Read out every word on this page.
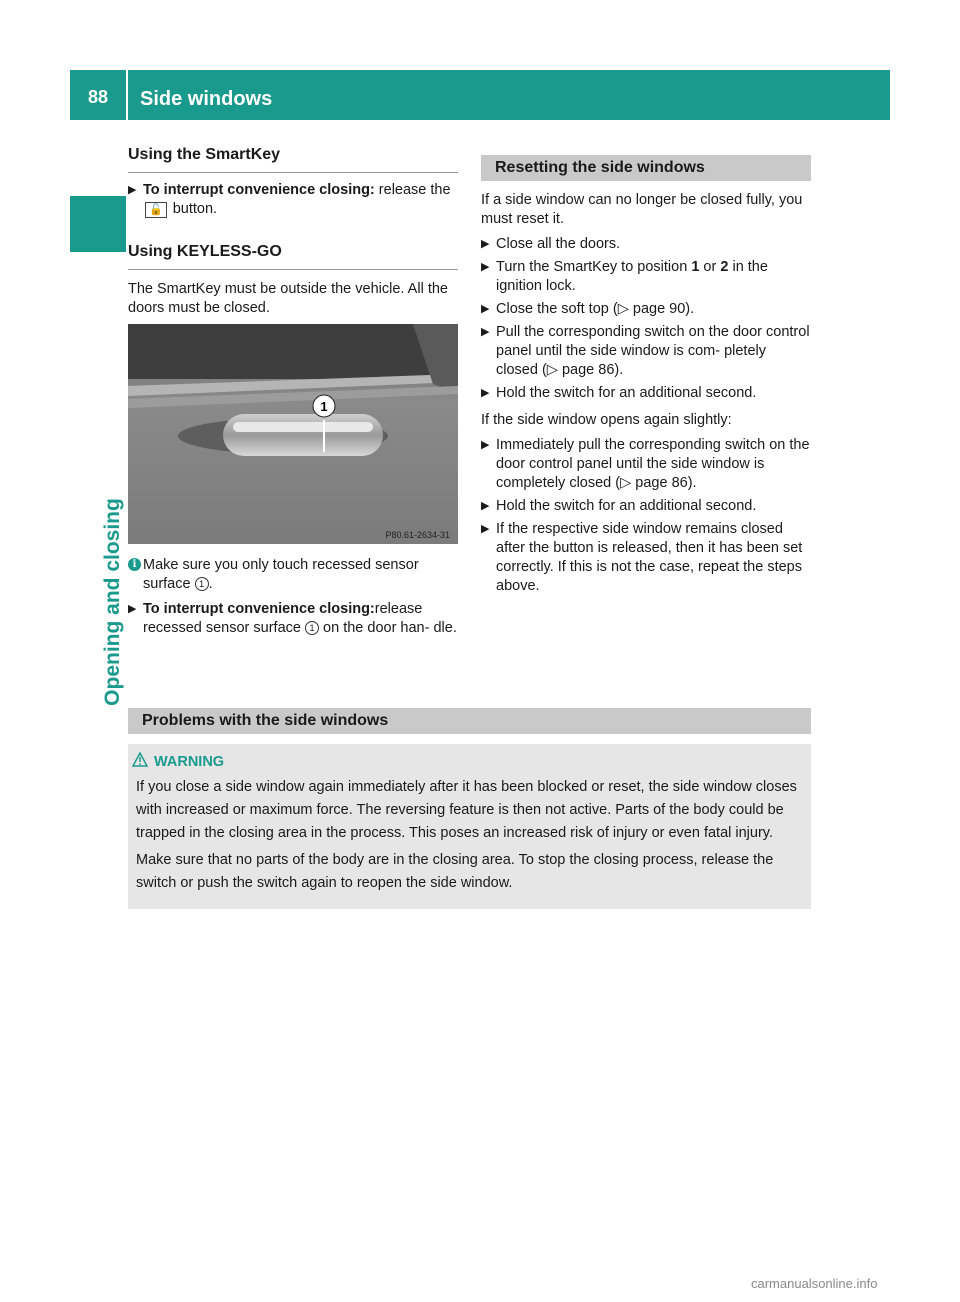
88	Side windows
Opening and closing
Using the SmartKey
▶ To interrupt convenience closing: release the 🔓 button.
Using KEYLESS-GO

The SmartKey must be outside the vehicle. All the doors must be closed.

1
P80.61-2634-31
i Make sure you only touch recessed sensor surface 1 .
▶ To interrupt convenience closing:release recessed sensor surface 1 on the door han- dle.
Resetting the side windows

If a side window can no longer be closed fully, you must reset it.

▶ Close all the doors.
▶ Turn the SmartKey to position 1 or 2 in the ignition lock.
▶ Close the soft top (▷ page 90).
▶ Pull the corresponding switch on the door control panel until the side window is com- pletely closed (▷ page 86).
▶ Hold the switch for an additional second.

If the side window opens again slightly:

▶ Immediately pull the corresponding switch on the door control panel until the side window is completely closed (▷ page 86).
▶ Hold the switch for an additional second.
▶ If the respective side window remains closed after the button is released, then it has been set correctly. If this is not the case, repeat the steps above.
Problems with the side windows
WARNING

If you close a side window again immediately after it has been blocked or reset, the side window closes with increased or maximum force. The reversing feature is then not active. Parts of the body could be trapped in the closing area in the process. This poses an increased risk of injury or even fatal injury.

Make sure that no parts of the body are in the closing area. To stop the closing process, release the switch or push the switch again to reopen the side window.

carmanualsonline.info
